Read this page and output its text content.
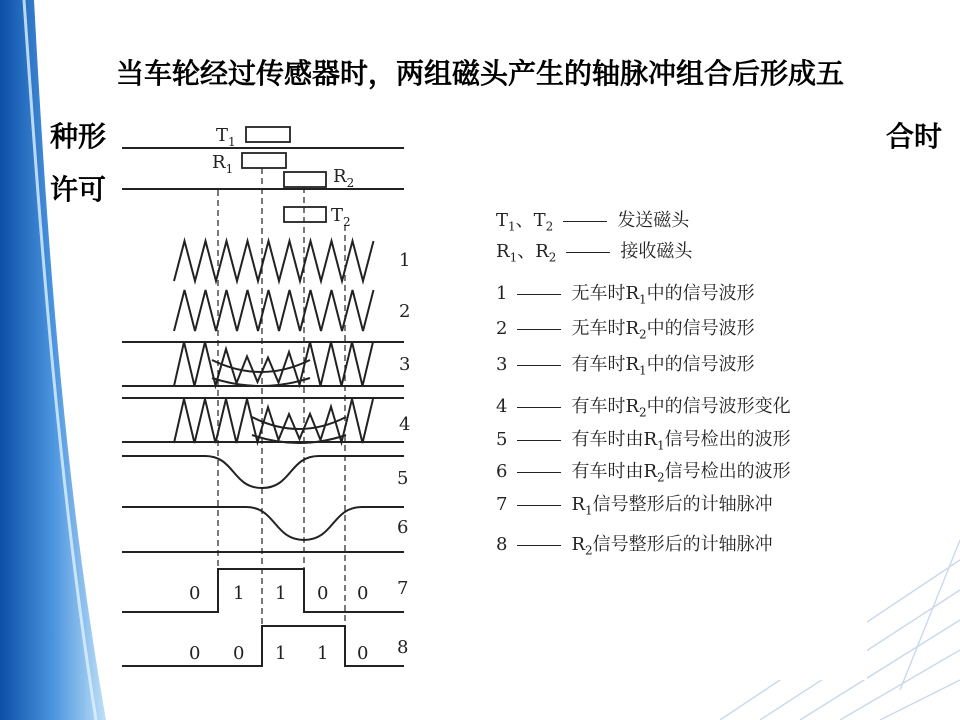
当车轮经过传感器时，两组磁头产生的轴脉冲组合后形成五
种形	合时
许可
$T_1$
$R_1$	$R_2$
$T_2$
1
2
3
4
5
6
7
8
0 1 1 0 0
0 0 1 1 0
$T_1$、$T_2$	发送磁头
$R_1$、$R_2$	接收磁头
1	无车时$R_1$中的信号波形
2	无车时$R_2$中的信号波形
3	有车时$R_1$中的信号波形
4	有车时$R_2$中的信号波形变化
5	有车时由$R_1$信号检出的波形
6	有车时由$R_2$信号检出的波形
7	$R_1$信号整形后的计轴脉冲
8	$R_2$信号整形后的计轴脉冲
